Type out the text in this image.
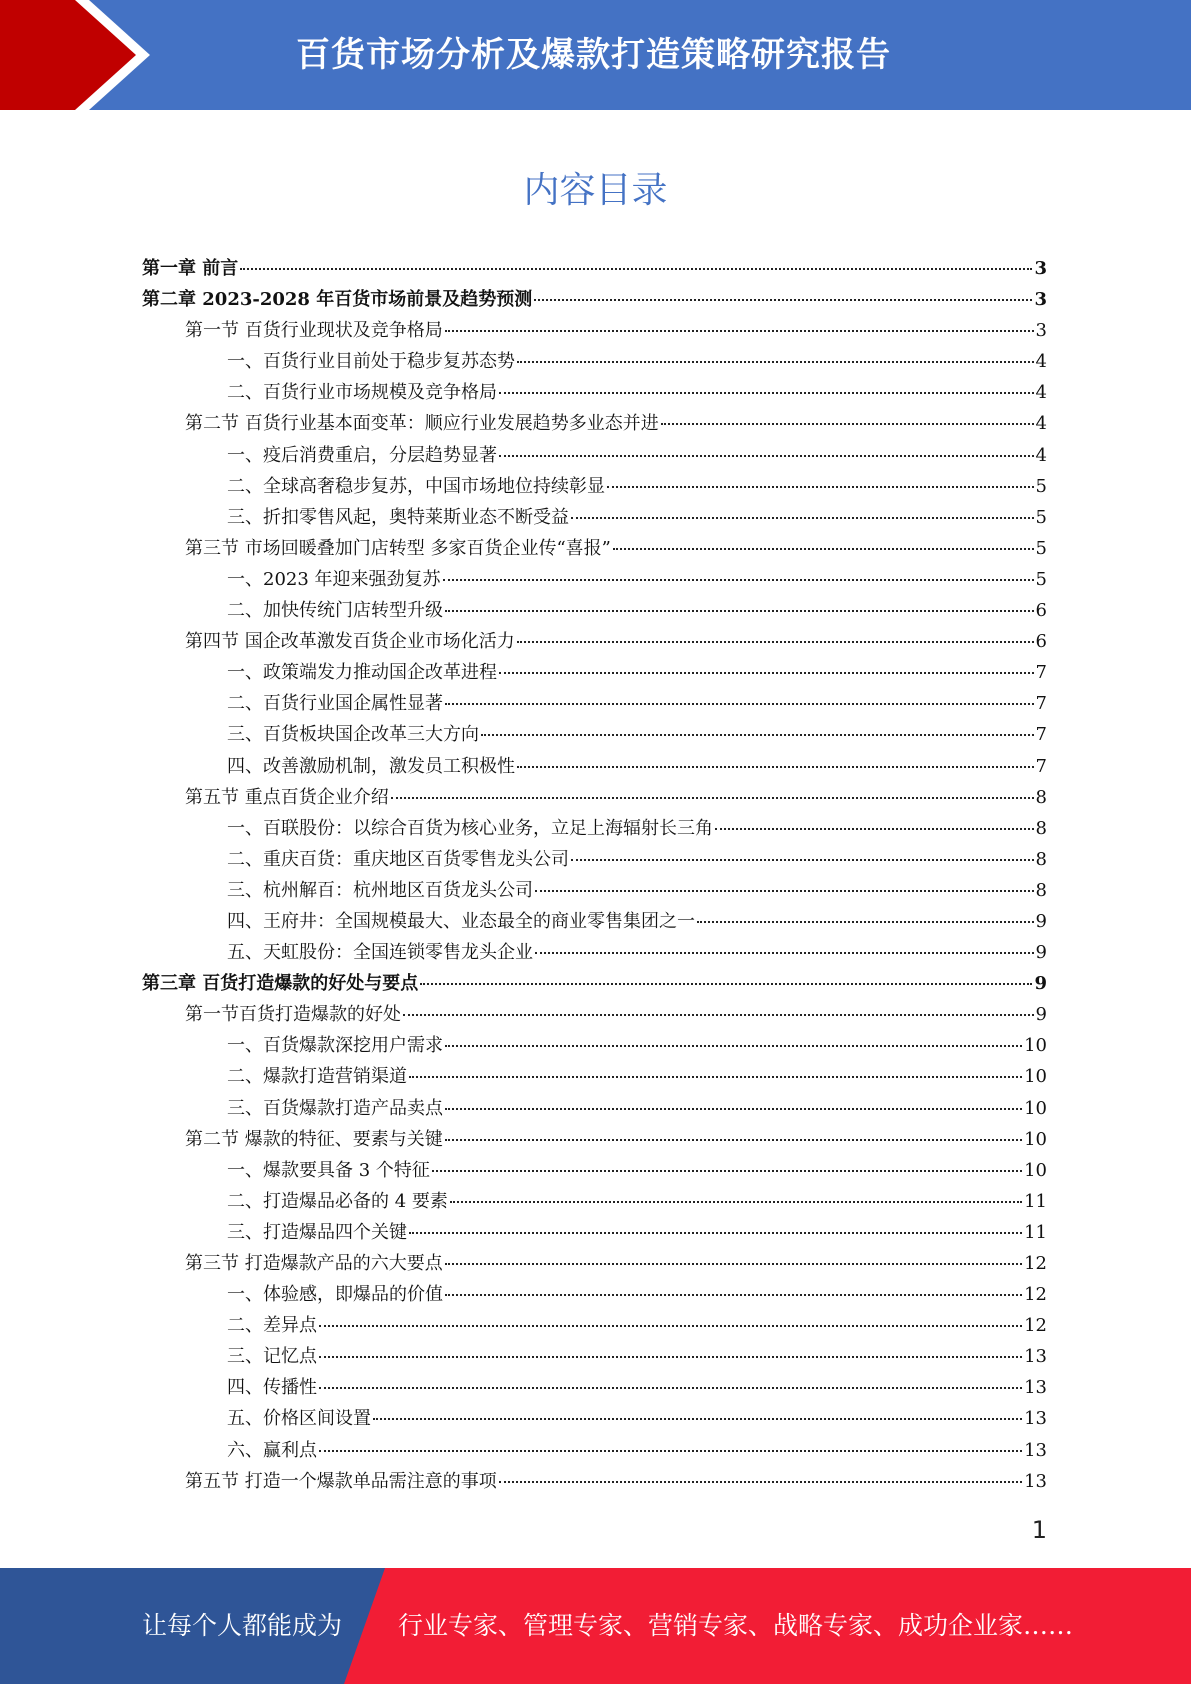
百货市场分析及爆款打造策略研究报告
内容目录
第一章 前言	3
第二章 2023-2028 年百货市场前景及趋势预测	3
第一节 百货行业现状及竞争格局	3
一、百货行业目前处于稳步复苏态势	4
二、百货行业市场规模及竞争格局	4
第二节 百货行业基本面变革：顺应行业发展趋势多业态并进	4
一、疫后消费重启，分层趋势显著	4
二、全球高奢稳步复苏，中国市场地位持续彰显	5
三、折扣零售风起，奥特莱斯业态不断受益	5
第三节 市场回暖叠加门店转型 多家百货企业传“喜报”	5
一、2023 年迎来强劲复苏	5
二、加快传统门店转型升级	6
第四节 国企改革激发百货企业市场化活力	6
一、政策端发力推动国企改革进程	7
二、百货行业国企属性显著	7
三、百货板块国企改革三大方向	7
四、改善激励机制，激发员工积极性	7
第五节 重点百货企业介绍	8
一、百联股份：以综合百货为核心业务，立足上海辐射长三角	8
二、重庆百货：重庆地区百货零售龙头公司	8
三、杭州解百：杭州地区百货龙头公司	8
四、王府井：全国规模最大、业态最全的商业零售集团之一	9
五、天虹股份：全国连锁零售龙头企业	9
第三章 百货打造爆款的好处与要点	9
第一节百货打造爆款的好处	9
一、百货爆款深挖用户需求	10
二、爆款打造营销渠道	10
三、百货爆款打造产品卖点	10
第二节 爆款的特征、要素与关键	10
一、爆款要具备 3 个特征	10
二、打造爆品必备的 4 要素	11
三、打造爆品四个关键	11
第三节 打造爆款产品的六大要点	12
一、体验感，即爆品的价值	12
二、差异点	12
三、记忆点	13
四、传播性	13
五、价格区间设置	13
六、赢利点	13
第五节 打造一个爆款单品需注意的事项	13
1
让每个人都能成为 行业专家、管理专家、营销专家、战略专家、成功企业家……
